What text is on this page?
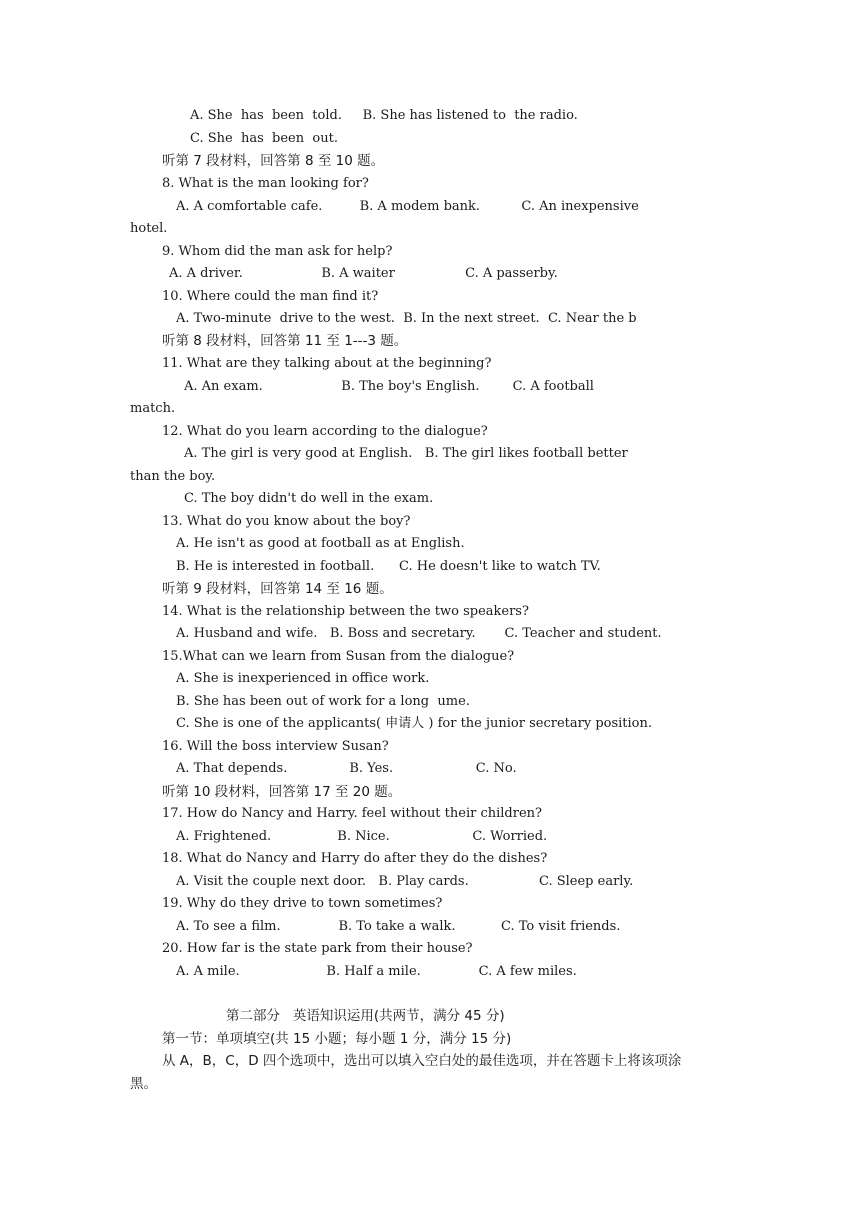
A. She  has  been  told.     B. She has listened to  the radio.
C. She  has  been  out.
听第 7 段材料，回答第 8 至 10 题。
8. What is the man looking for?
A. A comfortable cafe.         B. A modem bank.          C. An inexpensive
hotel.
9. Whom did the man ask for help?
A. A driver.                   B. A waiter                 C. A passerby.
10. Where could the man find it?
A. Two-minute  drive to the west.  B. In the next street.  C. Near the b
听第 8 段材料，回答第 11 至 1---3 题。
11. What are they talking about at the beginning?
A. An exam.                   B. The boy's English.        C. A football
match.
12. What do you learn according to the dialogue?
A. The girl is very good at English.   B. The girl likes football better
than the boy.
C. The boy didn't do well in the exam.
13. What do you know about the boy?
A. He isn't as good at football as at English.
B. He is interested in football.      C. He doesn't like to watch TV.
听第 9 段材料，回答第 14 至 16 题。
14. What is the relationship between the two speakers?
A. Husband and wife.   B. Boss and secretary.       C. Teacher and student.
15.What can we learn from Susan from the dialogue?
A. She is inexperienced in office work.
B. She has been out of work for a long  ume.
C. She is one of the applicants( 申请人 ) for the junior secretary position.
16. Will the boss interview Susan?
A. That depends.               B. Yes.                    C. No.
听第 10 段材料，回答第 17 至 20 题。
17. How do Nancy and Harry. feel without their children?
A. Frightened.                B. Nice.                    C. Worried.
18. What do Nancy and Harry do after they do the dishes?
A. Visit the couple next door.   B. Play cards.                 C. Sleep early.
19. Why do they drive to town sometimes?
A. To see a film.              B. To take a walk.           C. To visit friends.
20. How far is the state park from their house?
A. A mile.                     B. Half a mile.              C. A few miles.
第二部分   英语知识运用(共两节，满分 45 分)
第一节：单项填空(共 15 小题；每小题 1 分，满分 15 分)
从 A，B，C，D 四个选项中，选出可以填入空白处的最佳选项，并在答题卡上将该项涂
黑。
